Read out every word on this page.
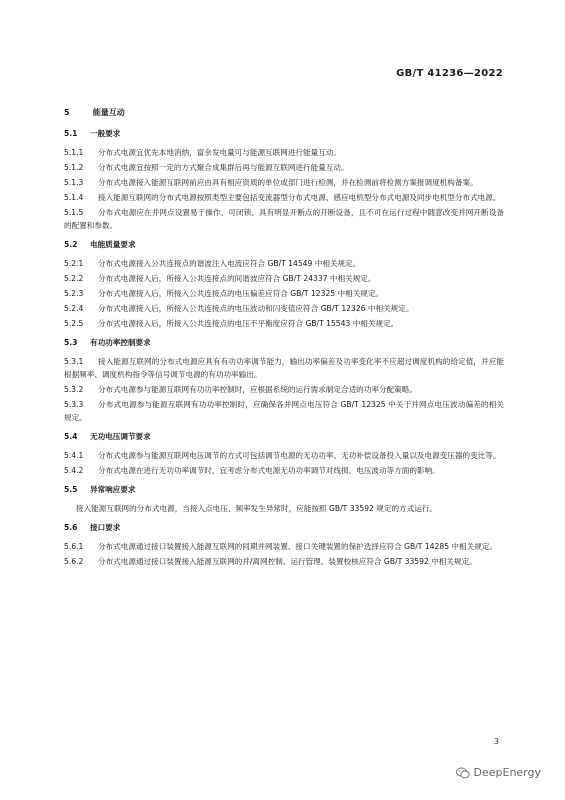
GB/T 41236—2022
5	能量互动
5.1 一般要求
5.1.1 分布式电源宜优先本地消纳，富余发电量可与能源互联网进行能量互动。
5.1.2 分布式电源宜按照一定的方式聚合成集群后再与能源互联网进行能量互动。
5.1.3 分布式电源接入能源互联网前应由具有相应资质的单位或部门进行检测，并在检测前将检测方案报调度机构备案。
5.1.4 接入能源互联网的分布式电源按照类型主要包括变流器型分布式电源、感应电机型分布式电源及同步电机型分布式电源。
5.1.5 分布式电源应在并网点设置易于操作、可闭锁、具有明显开断点的开断设备，且不可在运行过程中随意改变并网开断设备的配置和参数。
5.2 电能质量要求
5.2.1 分布式电源接入公共连接点的谐波注入电流应符合 GB/T 14549 中相关规定。
5.2.2 分布式电源接入后，所接入公共连接点的间谐波应符合 GB/T 24337 中相关规定。
5.2.3 分布式电源接入后，所接入公共连接点的电压偏差应符合 GB/T 12325 中相关规定。
5.2.4 分布式电源接入后，所接入公共连接点的电压波动和闪变值应符合 GB/T 12326 中相关规定。
5.2.5 分布式电源接入后，所接入公共连接点的电压不平衡度应符合 GB/T 15543 中相关规定。
5.3 有功功率控制要求
5.3.1 接入能源互联网的分布式电源应具有有功功率调节能力，输出功率偏差及功率变化率不应超过调度机构的给定值，并应能根据频率、调度机构指令等信号调节电源的有功功率输出。
5.3.2 分布式电源参与能源互联网有功功率控制时，应根据系统的运行需求制定合适的功率分配策略。
5.3.3 分布式电源参与能源互联网有功功率控制时，应确保各并网点电压符合 GB/T 12325 中关于并网点电压波动偏差的相关规定。
5.4 无功电压调节要求
5.4.1 分布式电源参与能源互联网电压调节的方式可包括调节电源的无功功率、无功补偿设备投入量以及电源变压器的变比等。
5.4.2 分布式电源在进行无功功率调节时，宜考虑分布式电源无功功率调节对线损、电压波动等方面的影响。
5.5 异常响应要求
接入能源互联网的分布式电源，当接入点电压、频率发生异常时，应能按照 GB/T 33592 规定的方式运行。
5.6 接口要求
5.6.1 分布式电源通过接口装置接入能源互联网的同期并网装置、接口关键装置的保护选择应符合 GB/T 14285 中相关规定。
5.6.2 分布式电源通过接口装置接入能源互联网的并/离网控制、运行管理、装置校核应符合 GB/T 33592 中相关规定。
3
DeepEnergy
